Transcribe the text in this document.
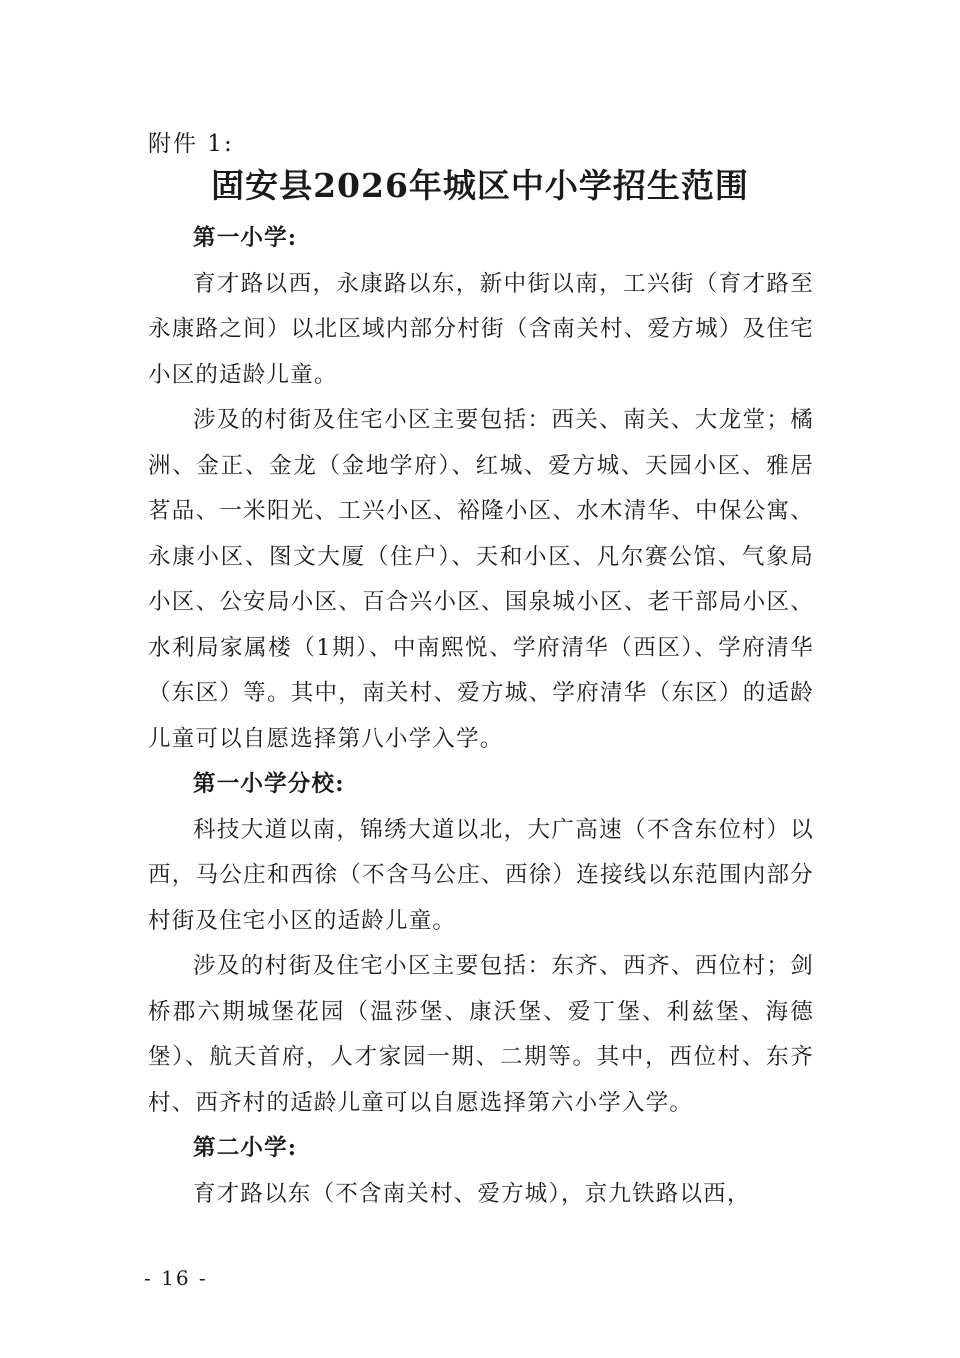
附件 1:
固安县2026年城区中小学招生范围
第一小学:

育才路以西，永康路以东，新中街以南，工兴街（育才路至永康路之间）以北区域内部分村街（含南关村、爱方城）及住宅小区的适龄儿童。

涉及的村街及住宅小区主要包括：西关、南关、大龙堂；橘洲、金正、金龙（金地学府）、红城、爱方城、天园小区、雅居茗品、一米阳光、工兴小区、裕隆小区、水木清华、中保公寓、永康小区、图文大厦（住户）、天和小区、凡尔赛公馆、气象局小区、公安局小区、百合兴小区、国泉城小区、老干部局小区、水利局家属楼（1期）、中南熙悦、学府清华（西区）、学府清华（东区）等。其中，南关村、爱方城、学府清华（东区）的适龄儿童可以自愿选择第八小学入学。

第一小学分校:

科技大道以南，锦绣大道以北，大广高速（不含东位村）以西，马公庄和西徐（不含马公庄、西徐）连接线以东范围内部分村街及住宅小区的适龄儿童。

涉及的村街及住宅小区主要包括：东齐、西齐、西位村；剑桥郡六期城堡花园（温莎堡、康沃堡、爱丁堡、利兹堡、海德堡）、航天首府，人才家园一期、二期等。其中，西位村、东齐村、西齐村的适龄儿童可以自愿选择第六小学入学。

第二小学:

育才路以东（不含南关村、爱方城），京九铁路以西，

- 16 -
